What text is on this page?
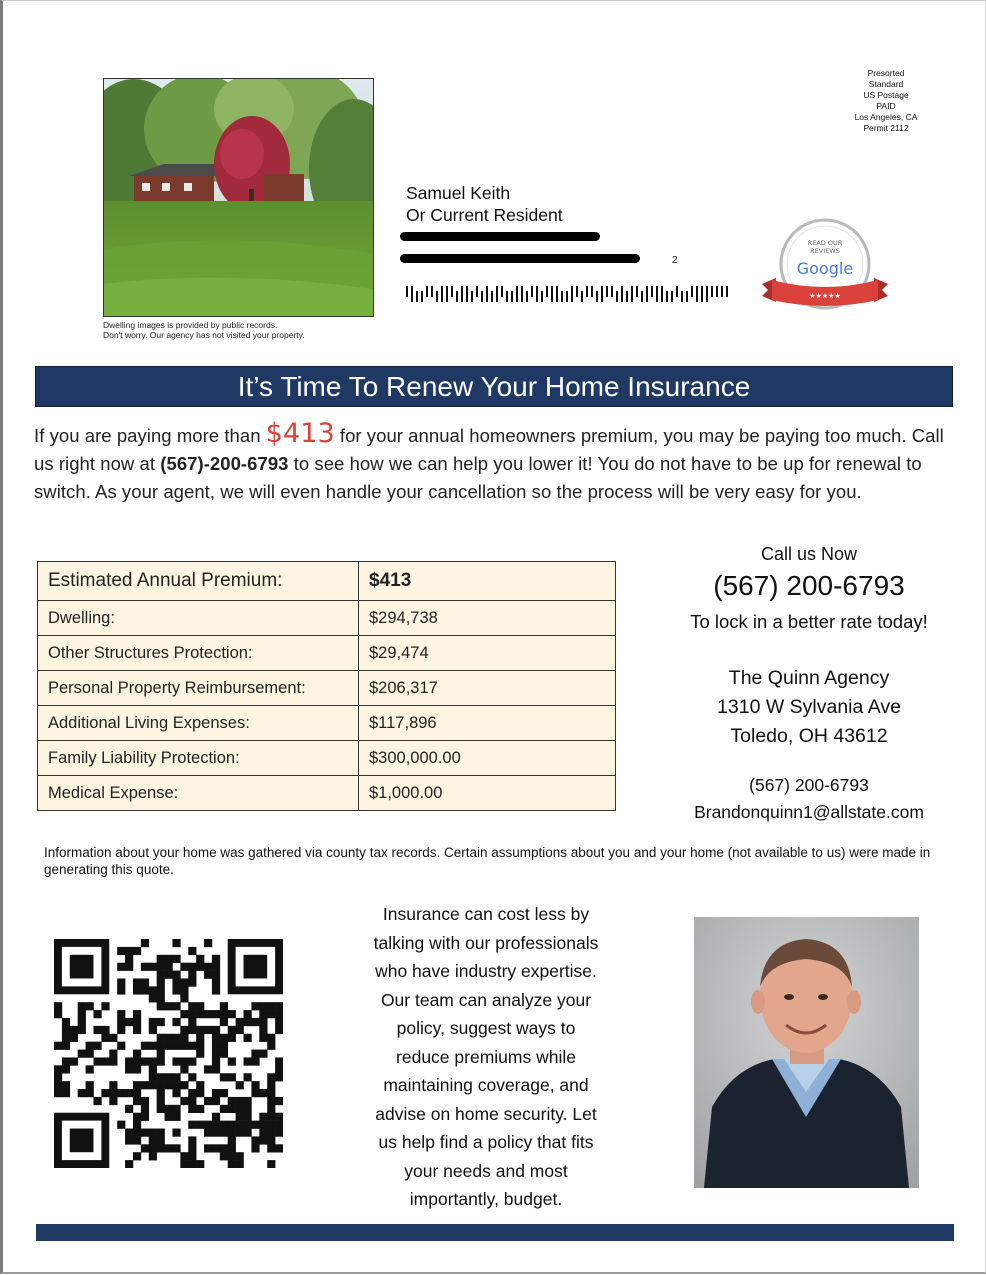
Dwelling images is provided by public records.
Don't worry. Our agency has not visited your property.
Presorted
Standard
US Postage
PAID
Los Angeles, CA
Permit 2112
Samuel Keith
Or Current Resident
2
READ OUR
REVIEWS
Google
★★★★★
It’s Time To Renew Your Home Insurance
If you are paying more than $413 for your annual homeowners premium, you may be paying too much. Call us right now at (567)-200-6793 to see how we can help you lower it! You do not have to be up for renewal to switch. As your agent, we will even handle your cancellation so the process will be very easy for you.
Estimated Annual Premium:	$413
Dwelling:	$294,738
Other Structures Protection:	$29,474
Personal Property Reimbursement:	$206,317
Additional Living Expenses:	$117,896
Family Liability Protection:	$300,000.00
Medical Expense:	$1,000.00
Call us Now
(567) 200-6793
To lock in a better rate today!
The Quinn Agency
1310 W Sylvania Ave
Toledo, OH 43612
(567) 200-6793
Brandonquinn1@allstate.com
Information about your home was gathered via county tax records. Certain assumptions about you and your home (not available to us) were made in generating this quote.
Insurance can cost less by
talking with our professionals
who have industry expertise.
Our team can analyze your
policy, suggest ways to
reduce premiums while
maintaining coverage, and
advise on home security. Let
us help find a policy that fits
your needs and most
importantly, budget.
